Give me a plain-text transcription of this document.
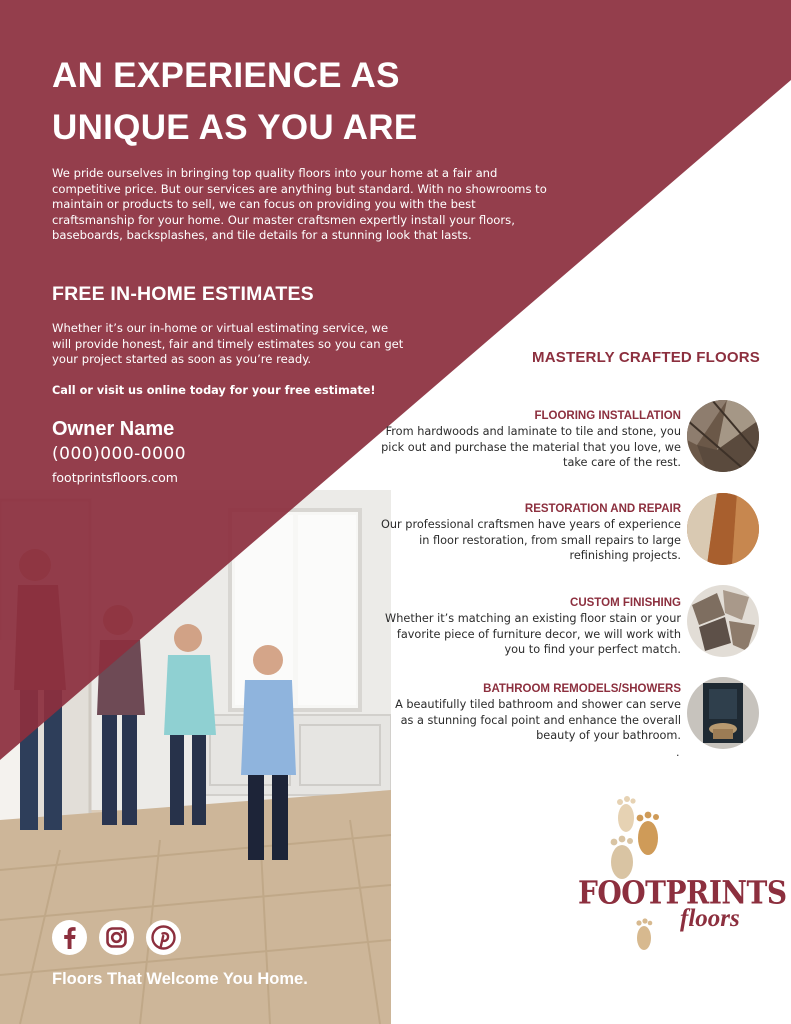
AN EXPERIENCE AS
UNIQUE AS YOU ARE

We pride ourselves in bringing top quality floors into your home at a fair and competitive price. But our services are anything but standard. With no showrooms to maintain or products to sell, we can focus on providing you with the best craftsmanship for your home. Our master craftsmen expertly install your floors, baseboards, backsplashes, and tile details for a stunning look that lasts.

FREE IN-HOME ESTIMATES

Whether it’s our in-home or virtual estimating service, we will provide honest, fair and timely estimates so you can get your project started as soon as you’re ready.

Call or visit us online today for your free estimate!

Owner Name
(000)000-0000
footprintsfloors.com
Floors That Welcome You Home.
MASTERLY CRAFTED FLOORS
FLOORING INSTALLATION
From hardwoods and laminate to tile and stone, you pick out and purchase the material that you love, we take care of the rest.
RESTORATION AND REPAIR
Our professional craftsmen have years of experience in floor restoration, from small repairs to large refinishing projects.
CUSTOM FINISHING
Whether it’s matching an existing floor stain or your favorite piece of furniture decor, we will work with you to find your perfect match.
BATHROOM REMODELS/SHOWERS
A beautifully tiled bathroom and shower can serve as a stunning focal point and enhance the overall beauty of your bathroom.
.
FOOTPRINTS
floors
